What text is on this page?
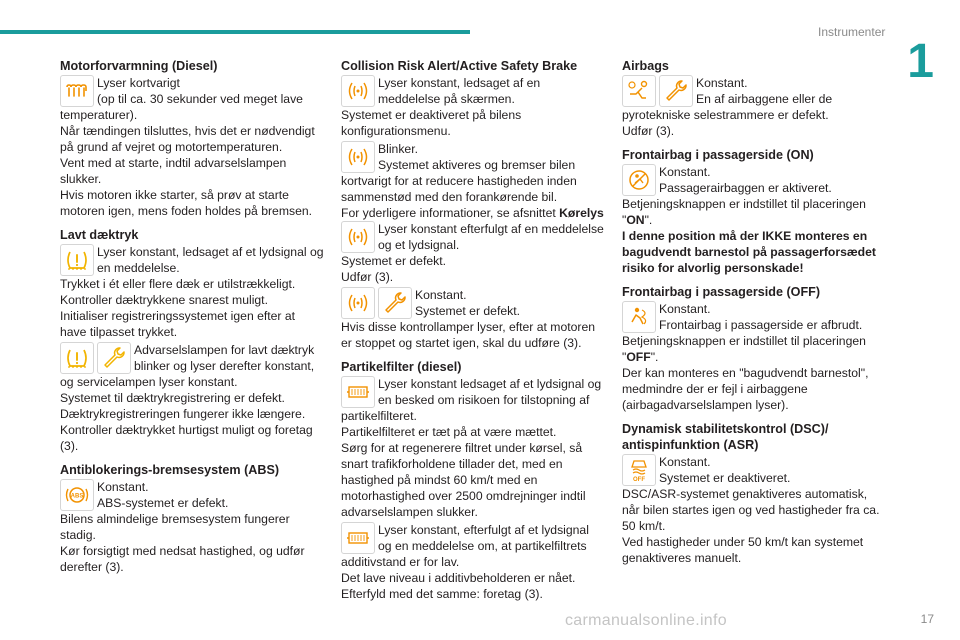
Instrumenter
1
Motorforvarmning (Diesel)
Lyser kortvarigt
(op til ca. 30 sekunder ved meget lave
temperaturer).
Når tændingen tilsluttes, hvis det er nødvendigt på grund af vejret og motortemperaturen.
Vent med at starte, indtil advarselslampen slukker.
Hvis motoren ikke starter, så prøv at starte motoren igen, mens foden holdes på bremsen.
Lavt dæktryk
Lyser konstant, ledsaget af et lydsignal og
en meddelelse.
Trykket i ét eller flere dæk er utilstrækkeligt.
Kontroller dæktrykkene snarest muligt.
Initialiser registreringssystemet igen efter at have tilpasset trykket.
Advarselslampen for lavt dæktryk
blinker og lyser derefter konstant,
og servicelampen lyser konstant.
Systemet til dæktrykregistrering er defekt.
Dæktrykregistreringen fungerer ikke længere.
Kontroller dæktrykket hurtigst muligt og foretag (3).
Antiblokerings-bremsesystem (ABS)
ABS
Konstant.
ABS-systemet er defekt.
Bilens almindelige bremsesystem fungerer stadig.
Kør forsigtigt med nedsat hastighed, og udfør derefter (3).
Collision Risk Alert/Active Safety Brake
Lyser konstant, ledsaget af en
meddelelse på skærmen.
Systemet er deaktiveret på bilens konfigurationsmenu.
Blinker.
Systemet aktiveres og bremser bilen
kortvarigt for at reducere hastigheden inden sammenstød med den forankørende bil.
For yderligere informationer, se afsnittet Kørelys
Lyser konstant efterfulgt af en meddelelse
og et lydsignal.
Systemet er defekt.
Udfør (3).
Konstant.
Systemet er defekt.
Hvis disse kontrollamper lyser, efter at motoren er stoppet og startet igen, skal du udføre (3).
Partikelfilter (diesel)
Lyser konstant ledsaget af et lydsignal og
en besked om risikoen for tilstopning af
partikelfilteret.
Partikelfilteret er tæt på at være mættet.
Sørg for at regenerere filtret under kørsel, så snart trafikforholdene tillader det, med en hastighed på mindst 60 km/t med en motorhastighed over 2500 omdrejninger indtil advarselslampen slukker.
Lyser konstant, efterfulgt af et lydsignal
og en meddelelse om, at partikelfiltrets
additivstand er for lav.
Det lave niveau i additivbeholderen er nået.
Efterfyld med det samme: foretag (3).
Airbags
Konstant.
En af airbaggene eller de
pyrotekniske selestrammere er defekt.
Udfør (3).
Frontairbag i passagerside (ON)
Konstant.
Passagerairbaggen er aktiveret.
Betjeningsknappen er indstillet til placeringen
"ON".
I denne position må der IKKE monteres en bagudvendt barnestol på passagerforsædet risiko for alvorlig personskade!
Frontairbag i passagerside (OFF)
Konstant.
Frontairbag i passagerside er afbrudt.
Betjeningsknappen er indstillet til placeringen
"OFF".
Der kan monteres en "bagudvendt barnestol", medmindre der er fejl i airbaggene (airbagadvarselslampen lyser).
Dynamisk stabilitetskontrol (DSC)/ antispinfunktion (ASR)
OFF
Konstant.
Systemet er deaktiveret.
DSC/ASR-systemet genaktiveres automatisk, når bilen startes igen og ved hastigheder fra ca. 50 km/t.
Ved hastigheder under 50 km/t kan systemet genaktiveres manuelt.
carmanualsonline.info	17
